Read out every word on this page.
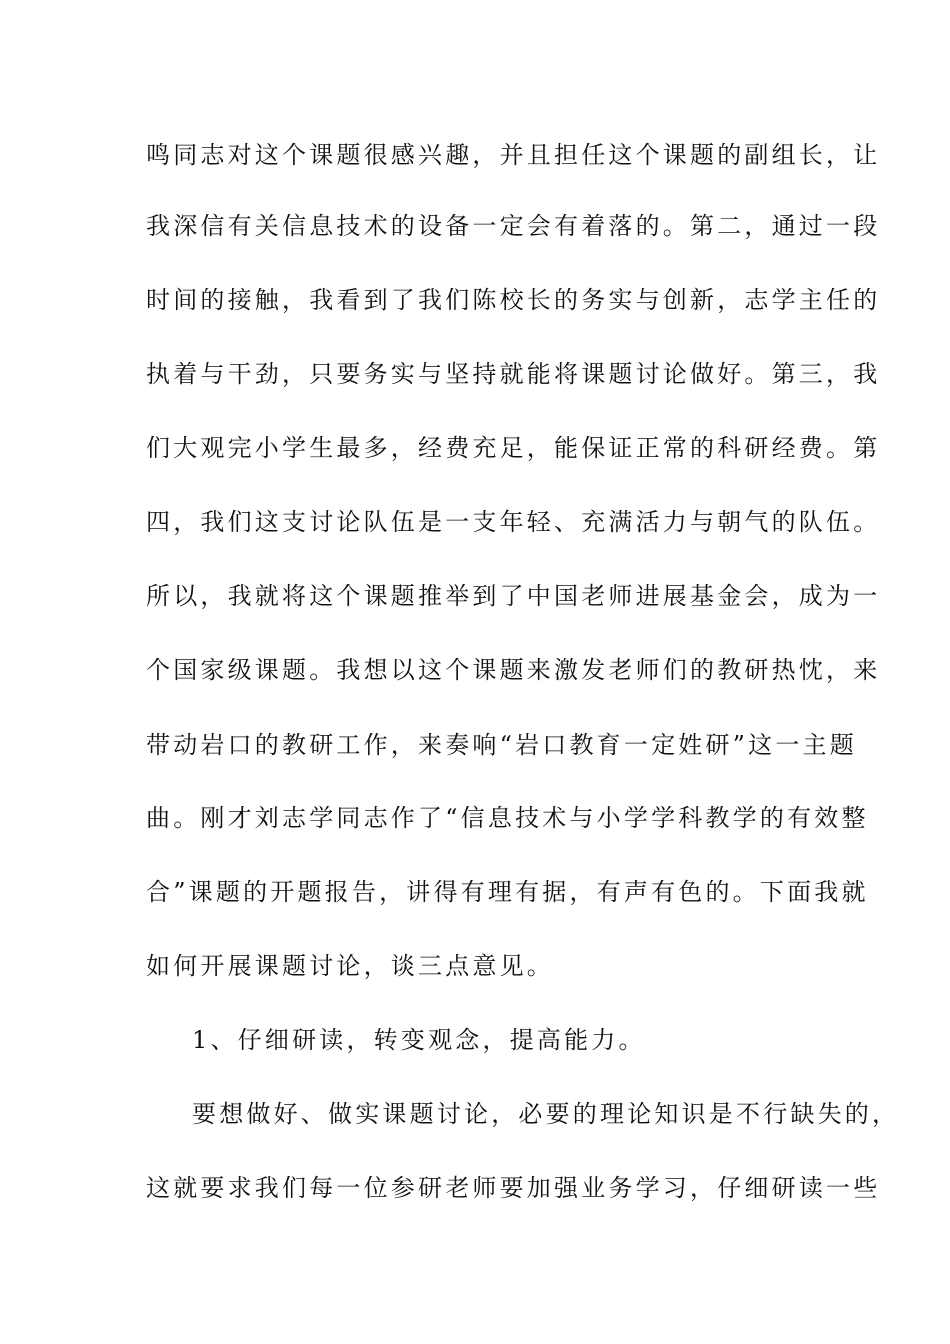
鸣同志对这个课题很感兴趣，并且担任这个课题的副组长，让
我深信有关信息技术的设备一定会有着落的。第二，通过一段
时间的接触，我看到了我们陈校长的务实与创新，志学主任的
执着与干劲，只要务实与坚持就能将课题讨论做好。第三，我
们大观完小学生最多，经费充足，能保证正常的科研经费。第
四，我们这支讨论队伍是一支年轻、充满活力与朝气的队伍。
所以，我就将这个课题推举到了中国老师进展基金会，成为一
个国家级课题。我想以这个课题来激发老师们的教研热忱，来
带动岩口的教研工作，来奏响“岩口教育一定姓研”这一主题
曲。刚才刘志学同志作了“信息技术与小学学科教学的有效整
合”课题的开题报告，讲得有理有据，有声有色的。下面我就
如何开展课题讨论，谈三点意见。
1、仔细研读，转变观念，提高能力。
要想做好、做实课题讨论，必要的理论知识是不行缺失的，
这就要求我们每一位参研老师要加强业务学习，仔细研读一些
